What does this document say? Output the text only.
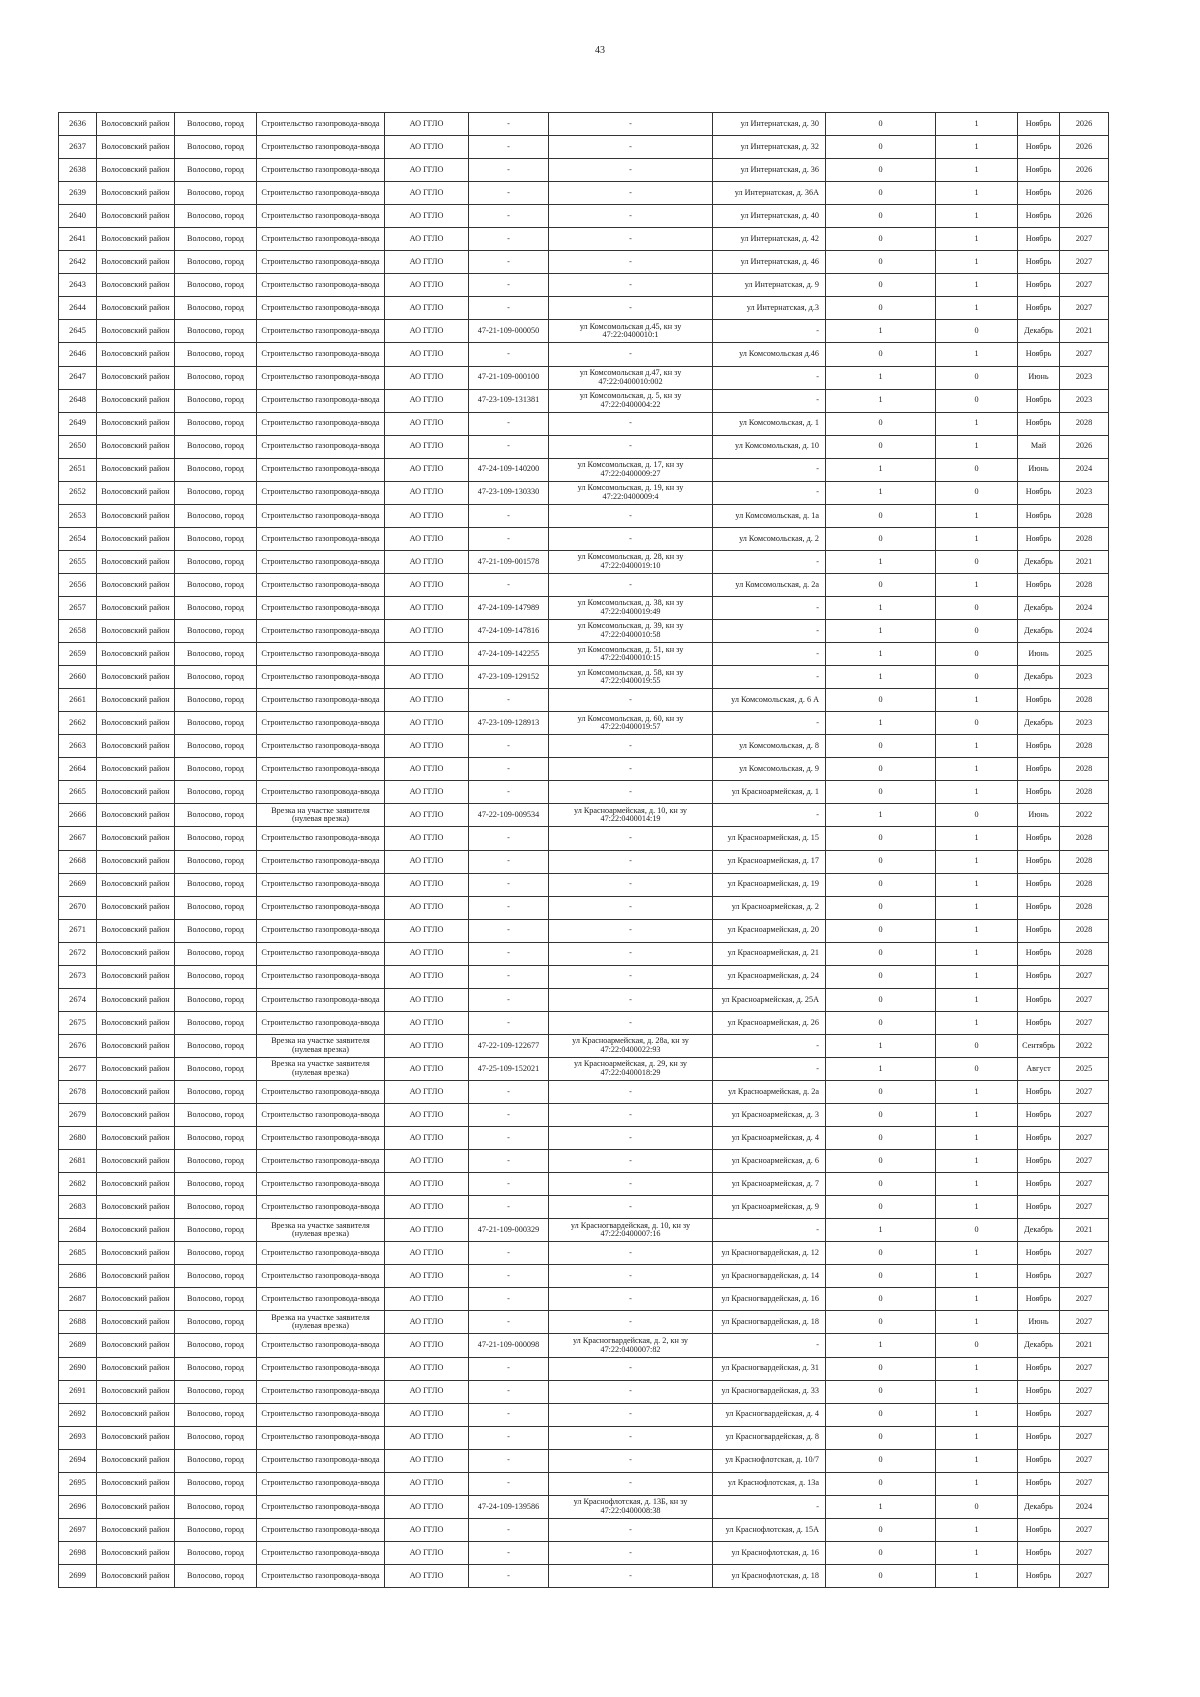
43
2636	Волосовский район	Волосово, город	Строительство газопровода-ввода	АО ГГЛО	-	-	ул Интернатская, д. 30	0	1	Ноябрь	2026
2637	Волосовский район	Волосово, город	Строительство газопровода-ввода	АО ГГЛО	-	-	ул Интернатская, д. 32	0	1	Ноябрь	2026
2638	Волосовский район	Волосово, город	Строительство газопровода-ввода	АО ГГЛО	-	-	ул Интернатская, д. 36	0	1	Ноябрь	2026
2639	Волосовский район	Волосово, город	Строительство газопровода-ввода	АО ГГЛО	-	-	ул Интернатская, д. 36А	0	1	Ноябрь	2026
2640	Волосовский район	Волосово, город	Строительство газопровода-ввода	АО ГГЛО	-	-	ул Интернатская, д. 40	0	1	Ноябрь	2026
2641	Волосовский район	Волосово, город	Строительство газопровода-ввода	АО ГГЛО	-	-	ул Интернатская, д. 42	0	1	Ноябрь	2027
2642	Волосовский район	Волосово, город	Строительство газопровода-ввода	АО ГГЛО	-	-	ул Интернатская, д. 46	0	1	Ноябрь	2027
2643	Волосовский район	Волосово, город	Строительство газопровода-ввода	АО ГГЛО	-	-	ул Интернатская, д. 9	0	1	Ноябрь	2027
2644	Волосовский район	Волосово, город	Строительство газопровода-ввода	АО ГГЛО	-	-	ул Интернатская, д.3	0	1	Ноябрь	2027
2645	Волосовский район	Волосово, город	Строительство газопровода-ввода	АО ГГЛО	47-21-109-000050	ул Комсомольская д.45, кн зу 47:22:0400010:1	-	1	0	Декабрь	2021
2646	Волосовский район	Волосово, город	Строительство газопровода-ввода	АО ГГЛО	-	-	ул Комсомольская д.46	0	1	Ноябрь	2027
2647	Волосовский район	Волосово, город	Строительство газопровода-ввода	АО ГГЛО	47-21-109-000100	ул Комсомольская д.47, кн зу 47:22:0400010:002	-	1	0	Июнь	2023
2648	Волосовский район	Волосово, город	Строительство газопровода-ввода	АО ГГЛО	47-23-109-131381	ул Комсомольская, д. 5, кн зу 47:22:0400004:22	-	1	0	Ноябрь	2023
2649	Волосовский район	Волосово, город	Строительство газопровода-ввода	АО ГГЛО	-	-	ул Комсомольская, д. 1	0	1	Ноябрь	2028
2650	Волосовский район	Волосово, город	Строительство газопровода-ввода	АО ГГЛО	-	-	ул Комсомольская, д. 10	0	1	Май	2026
2651	Волосовский район	Волосово, город	Строительство газопровода-ввода	АО ГГЛО	47-24-109-140200	ул Комсомольская, д. 17, кн зу 47:22:0400009:27	-	1	0	Июнь	2024
2652	Волосовский район	Волосово, город	Строительство газопровода-ввода	АО ГГЛО	47-23-109-130330	ул Комсомольская, д. 19, кн зу 47:22:0400009:4	-	1	0	Ноябрь	2023
2653	Волосовский район	Волосово, город	Строительство газопровода-ввода	АО ГГЛО	-	-	ул Комсомольская, д. 1а	0	1	Ноябрь	2028
2654	Волосовский район	Волосово, город	Строительство газопровода-ввода	АО ГГЛО	-	-	ул Комсомольская, д. 2	0	1	Ноябрь	2028
2655	Волосовский район	Волосово, город	Строительство газопровода-ввода	АО ГГЛО	47-21-109-001578	ул Комсомольская, д. 28, кн зу 47:22:0400019:10	-	1	0	Декабрь	2021
2656	Волосовский район	Волосово, город	Строительство газопровода-ввода	АО ГГЛО	-	-	ул Комсомольская, д. 2а	0	1	Ноябрь	2028
2657	Волосовский район	Волосово, город	Строительство газопровода-ввода	АО ГГЛО	47-24-109-147989	ул Комсомольская, д. 38, кн зу 47:22:0400019:49	-	1	0	Декабрь	2024
2658	Волосовский район	Волосово, город	Строительство газопровода-ввода	АО ГГЛО	47-24-109-147816	ул Комсомольская, д. 39, кн зу 47:22:0400010:58	-	1	0	Декабрь	2024
2659	Волосовский район	Волосово, город	Строительство газопровода-ввода	АО ГГЛО	47-24-109-142255	ул Комсомольская, д. 51, кн зу 47:22:0400010:15	-	1	0	Июнь	2025
2660	Волосовский район	Волосово, город	Строительство газопровода-ввода	АО ГГЛО	47-23-109-129152	ул Комсомольская, д. 58, кн зу 47:22:0400019:55	-	1	0	Декабрь	2023
2661	Волосовский район	Волосово, город	Строительство газопровода-ввода	АО ГГЛО	-	-	ул Комсомольская, д. 6 А	0	1	Ноябрь	2028
2662	Волосовский район	Волосово, город	Строительство газопровода-ввода	АО ГГЛО	47-23-109-128913	ул Комсомольская, д. 60, кн зу 47:22:0400019:57	-	1	0	Декабрь	2023
2663	Волосовский район	Волосово, город	Строительство газопровода-ввода	АО ГГЛО	-	-	ул Комсомольская, д. 8	0	1	Ноябрь	2028
2664	Волосовский район	Волосово, город	Строительство газопровода-ввода	АО ГГЛО	-	-	ул Комсомольская, д. 9	0	1	Ноябрь	2028
2665	Волосовский район	Волосово, город	Строительство газопровода-ввода	АО ГГЛО	-	-	ул Красноармейская, д. 1	0	1	Ноябрь	2028
2666	Волосовский район	Волосово, город	Врезка на участке заявителя (нулевая врезка)	АО ГГЛО	47-22-109-009534	ул Красноармейская, д. 10, кн зу 47:22:0400014:19	-	1	0	Июнь	2022
2667	Волосовский район	Волосово, город	Строительство газопровода-ввода	АО ГГЛО	-	-	ул Красноармейская, д. 15	0	1	Ноябрь	2028
2668	Волосовский район	Волосово, город	Строительство газопровода-ввода	АО ГГЛО	-	-	ул Красноармейская, д. 17	0	1	Ноябрь	2028
2669	Волосовский район	Волосово, город	Строительство газопровода-ввода	АО ГГЛО	-	-	ул Красноармейская, д. 19	0	1	Ноябрь	2028
2670	Волосовский район	Волосово, город	Строительство газопровода-ввода	АО ГГЛО	-	-	ул Красноармейская, д. 2	0	1	Ноябрь	2028
2671	Волосовский район	Волосово, город	Строительство газопровода-ввода	АО ГГЛО	-	-	ул Красноармейская, д. 20	0	1	Ноябрь	2028
2672	Волосовский район	Волосово, город	Строительство газопровода-ввода	АО ГГЛО	-	-	ул Красноармейская, д. 21	0	1	Ноябрь	2028
2673	Волосовский район	Волосово, город	Строительство газопровода-ввода	АО ГГЛО	-	-	ул Красноармейская, д. 24	0	1	Ноябрь	2027
2674	Волосовский район	Волосово, город	Строительство газопровода-ввода	АО ГГЛО	-	-	ул Красноармейская, д. 25А	0	1	Ноябрь	2027
2675	Волосовский район	Волосово, город	Строительство газопровода-ввода	АО ГГЛО	-	-	ул Красноармейская, д. 26	0	1	Ноябрь	2027
2676	Волосовский район	Волосово, город	Врезка на участке заявителя (нулевая врезка)	АО ГГЛО	47-22-109-122677	ул Красноармейская, д. 28а, кн зу 47:22:0400022:93	-	1	0	Сентябрь	2022
2677	Волосовский район	Волосово, город	Врезка на участке заявителя (нулевая врезка)	АО ГГЛО	47-25-109-152021	ул Красноармейская, д. 29, кн зу 47:22:0400018:29	-	1	0	Август	2025
2678	Волосовский район	Волосово, город	Строительство газопровода-ввода	АО ГГЛО	-	-	ул Красноармейская, д. 2а	0	1	Ноябрь	2027
2679	Волосовский район	Волосово, город	Строительство газопровода-ввода	АО ГГЛО	-	-	ул Красноармейская, д. 3	0	1	Ноябрь	2027
2680	Волосовский район	Волосово, город	Строительство газопровода-ввода	АО ГГЛО	-	-	ул Красноармейская, д. 4	0	1	Ноябрь	2027
2681	Волосовский район	Волосово, город	Строительство газопровода-ввода	АО ГГЛО	-	-	ул Красноармейская, д. 6	0	1	Ноябрь	2027
2682	Волосовский район	Волосово, город	Строительство газопровода-ввода	АО ГГЛО	-	-	ул Красноармейская, д. 7	0	1	Ноябрь	2027
2683	Волосовский район	Волосово, город	Строительство газопровода-ввода	АО ГГЛО	-	-	ул Красноармейская, д. 9	0	1	Ноябрь	2027
2684	Волосовский район	Волосово, город	Врезка на участке заявителя (нулевая врезка)	АО ГГЛО	47-21-109-000329	ул Красногвардейская, д. 10, кн зу 47:22:0400007:16	-	1	0	Декабрь	2021
2685	Волосовский район	Волосово, город	Строительство газопровода-ввода	АО ГГЛО	-	-	ул Красногвардейская, д. 12	0	1	Ноябрь	2027
2686	Волосовский район	Волосово, город	Строительство газопровода-ввода	АО ГГЛО	-	-	ул Красногвардейская, д. 14	0	1	Ноябрь	2027
2687	Волосовский район	Волосово, город	Строительство газопровода-ввода	АО ГГЛО	-	-	ул Красногвардейская, д. 16	0	1	Ноябрь	2027
2688	Волосовский район	Волосово, город	Врезка на участке заявителя (нулевая врезка)	АО ГГЛО	-	-	ул Красногвардейская, д. 18	0	1	Июнь	2027
2689	Волосовский район	Волосово, город	Строительство газопровода-ввода	АО ГГЛО	47-21-109-000098	ул Красногвардейская, д. 2, кн зу 47:22:0400007:82	-	1	0	Декабрь	2021
2690	Волосовский район	Волосово, город	Строительство газопровода-ввода	АО ГГЛО	-	-	ул Красногвардейская, д. 31	0	1	Ноябрь	2027
2691	Волосовский район	Волосово, город	Строительство газопровода-ввода	АО ГГЛО	-	-	ул Красногвардейская, д. 33	0	1	Ноябрь	2027
2692	Волосовский район	Волосово, город	Строительство газопровода-ввода	АО ГГЛО	-	-	ул Красногвардейская, д. 4	0	1	Ноябрь	2027
2693	Волосовский район	Волосово, город	Строительство газопровода-ввода	АО ГГЛО	-	-	ул Красногвардейская, д. 8	0	1	Ноябрь	2027
2694	Волосовский район	Волосово, город	Строительство газопровода-ввода	АО ГГЛО	-	-	ул Краснофлотская, д. 10/7	0	1	Ноябрь	2027
2695	Волосовский район	Волосово, город	Строительство газопровода-ввода	АО ГГЛО	-	-	ул Краснофлотская, д. 13а	0	1	Ноябрь	2027
2696	Волосовский район	Волосово, город	Строительство газопровода-ввода	АО ГГЛО	47-24-109-139586	ул Краснофлотская, д. 13Б, кн зу 47:22:0400008:38	-	1	0	Декабрь	2024
2697	Волосовский район	Волосово, город	Строительство газопровода-ввода	АО ГГЛО	-	-	ул Краснофлотская, д. 15А	0	1	Ноябрь	2027
2698	Волосовский район	Волосово, город	Строительство газопровода-ввода	АО ГГЛО	-	-	ул Краснофлотская, д. 16	0	1	Ноябрь	2027
2699	Волосовский район	Волосово, город	Строительство газопровода-ввода	АО ГГЛО	-	-	ул Краснофлотская, д. 18	0	1	Ноябрь	2027
